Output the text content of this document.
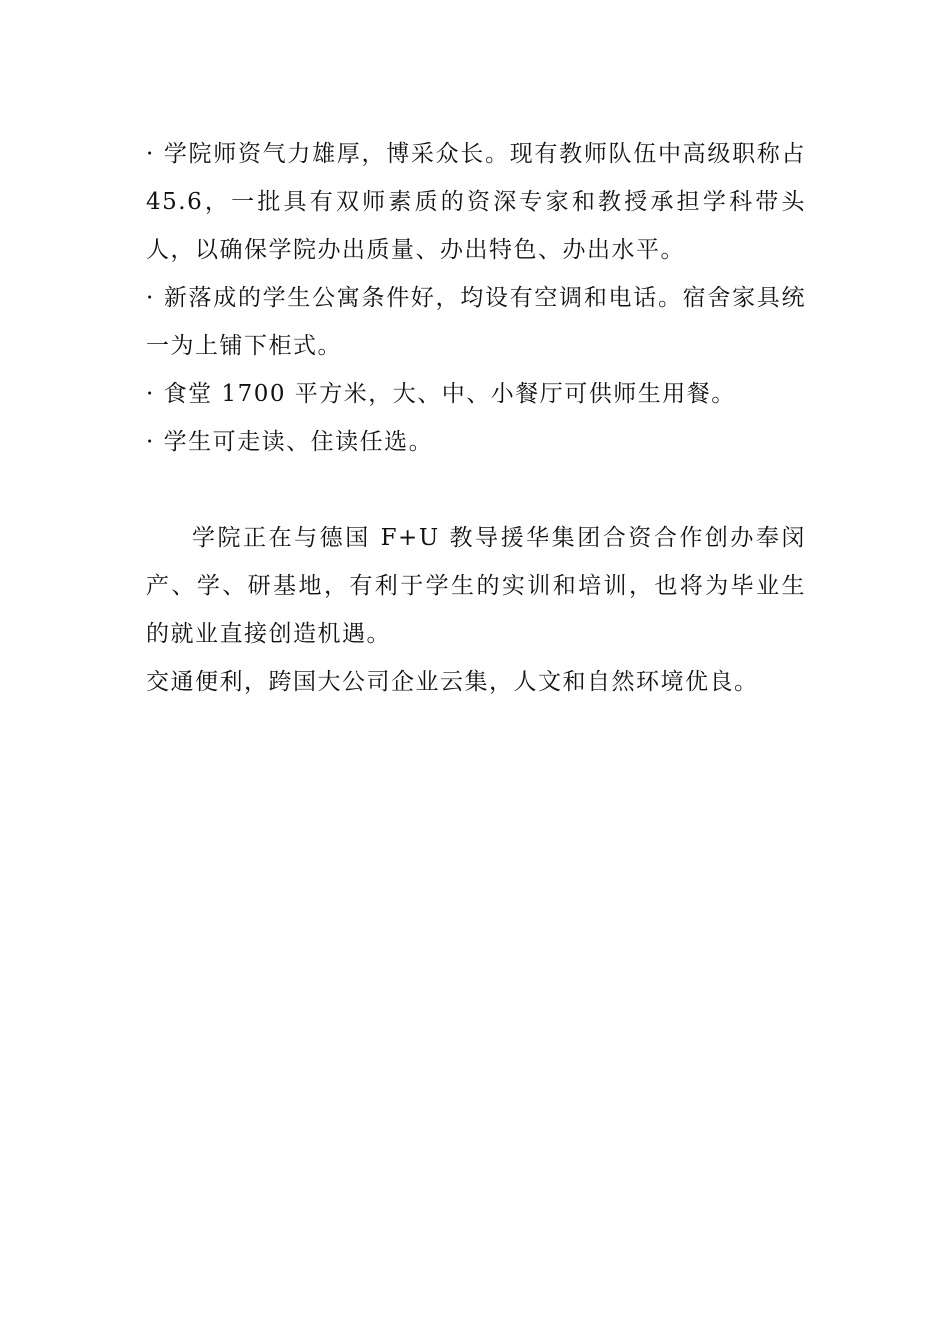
· 学院师资气力雄厚，博采众长。现有教师队伍中高级职称占 45.6，一批具有双师素质的资深专家和教授承担学科带头人，以确保学院办出质量、办出特色、办出水平。

· 新落成的学生公寓条件好，均设有空调和电话。宿舍家具统一为上铺下柜式。

· 食堂 1700 平方米，大、中、小餐厅可供师生用餐。

· 学生可走读、住读任选。

学院正在与德国 F+U 教导援华集团合资合作创办奉闵产、学、研基地，有利于学生的实训和培训，也将为毕业生的就业直接创造机遇。

交通便利，跨国大公司企业云集，人文和自然环境优良。
